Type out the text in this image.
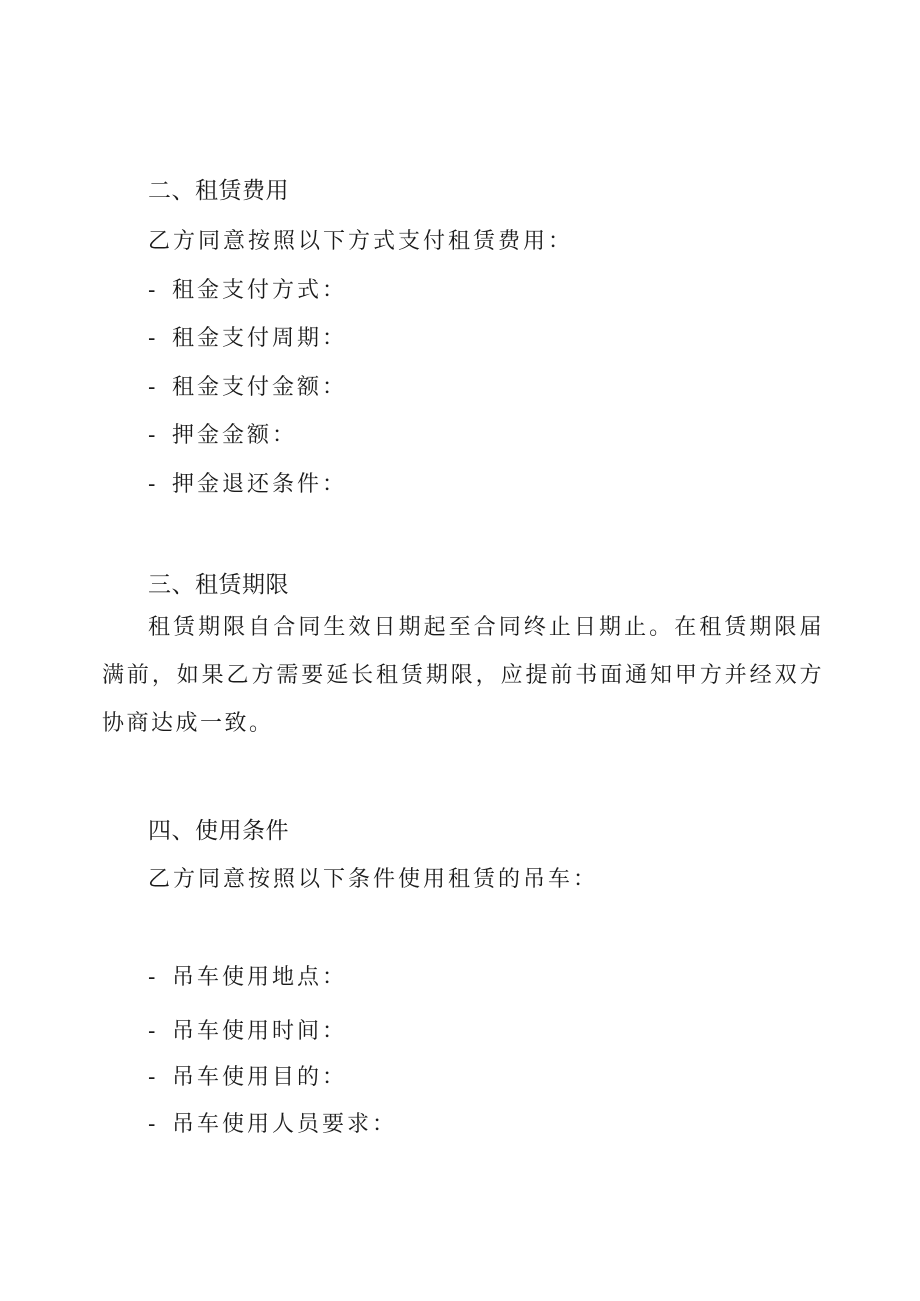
二、租赁费用
乙方同意按照以下方式支付租赁费用：
- 租金支付方式：
- 租金支付周期：
- 租金支付金额：
- 押金金额：
- 押金退还条件：
三、租赁期限
租赁期限自合同生效日期起至合同终止日期止。在租赁期限届满前，如果乙方需要延长租赁期限，应提前书面通知甲方并经双方协商达成一致。
四、使用条件
乙方同意按照以下条件使用租赁的吊车：
- 吊车使用地点：
- 吊车使用时间：
- 吊车使用目的：
- 吊车使用人员要求：
